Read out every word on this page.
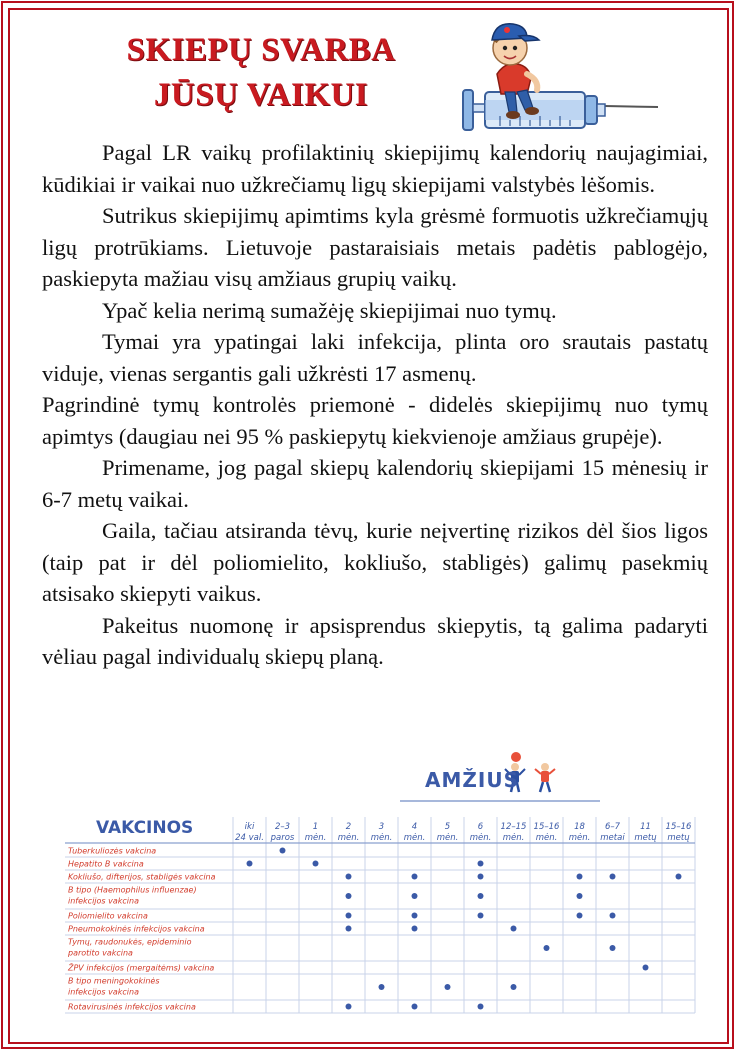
SKIEPŲ SVARBA
JŪSŲ VAIKUI

Pagal LR vaikų profilaktinių skiepijimų kalendorių naujagimiai, kūdikiai ir vaikai nuo užkrečiamų ligų skiepijami valstybės lėšomis.

Sutrikus skiepijimų apimtims kyla grėsmė formuotis užkrečiamųjų ligų protrūkiams. Lietuvoje pastaraisiais metais padėtis pablogėjo, paskiepyta mažiau visų amžiaus grupių vaikų.

Ypač kelia nerimą sumažėję skiepijimai nuo tymų.

Tymai yra ypatingai laki infekcija, plinta oro srautais pastatų viduje, vienas sergantis gali užkrėsti 17 asmenų.

Pagrindinė tymų kontrolės priemonė - didelės skiepijimų nuo tymų apimtys (daugiau nei 95 % paskiepytų kiekvienoje amžiaus grupėje).

Primename, jog pagal skiepų kalendorių skiepijami 15 mėnesių ir 6-7 metų vaikai.

Gaila, tačiau atsiranda tėvų, kurie neįvertinę rizikos dėl šios ligos (taip pat ir dėl poliomielito, kokliušo, stabligės) galimų pasekmių atsisako skiepyti vaikus.

Pakeitus nuomonę ir apsisprendus skiepytis, tą galima padaryti vėliau pagal individualų skiepų planą.

AMŽIUS
VAKCINOS	iki
24 val.
2–3
paros
1
mėn.
2
mėn.
3
mėn.
4
mėn.
5
mėn.
6
mėn.
12–15
mėn.
15–16
mėn.
18
mėn.
6–7
metai
11
metų
15–16
metų
Tuberkuliozės vakcina
Hepatito B vakcina
Kokliušo, difterijos, stabligės vakcina
B tipo (Haemophilus influenzae)
infekcijos vakcina
Poliomielito vakcina
Pneumokokinės infekcijos vakcina
Tymų, raudonukės, epideminio
parotito vakcina
ŽPV infekcijos (mergaitėms) vakcina
B tipo meningokokinės
infekcijos vakcina
Rotavirusinės infekcijos vakcina
